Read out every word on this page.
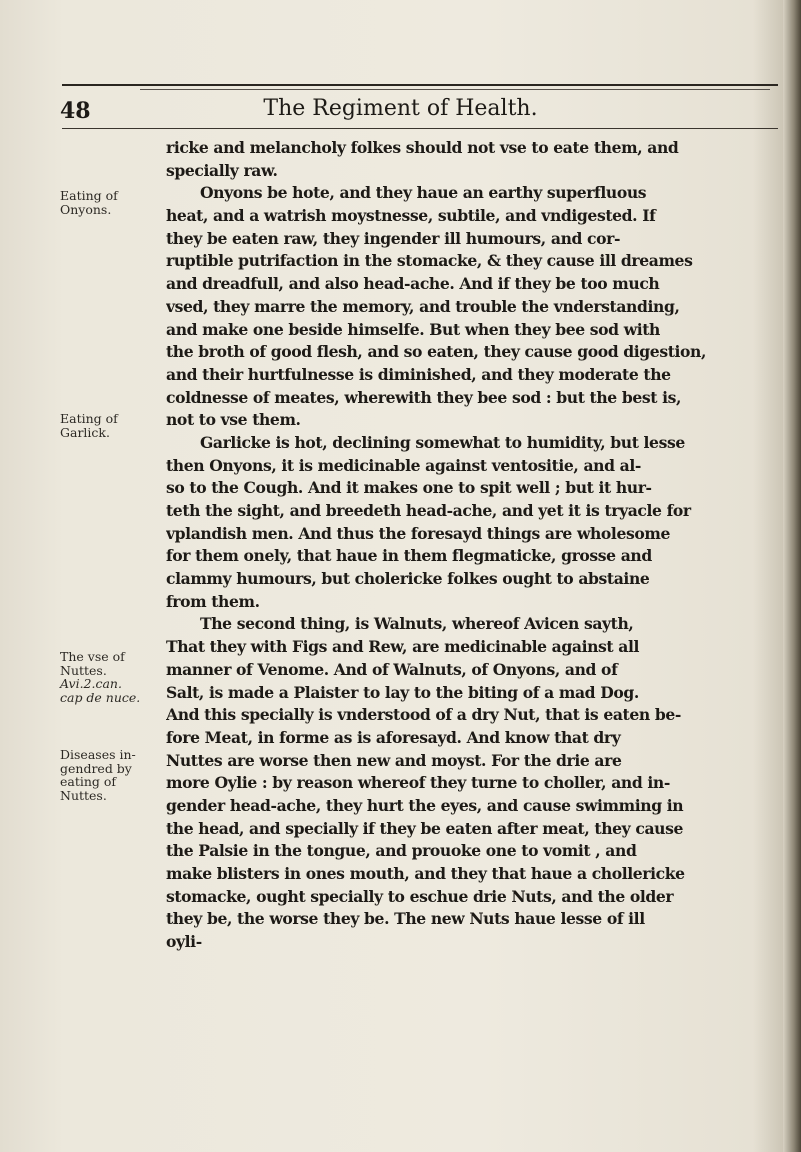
48	The Regiment of Health.
Eating of
Onyons.
Eating of
Garlick.
The vse of
Nuttes.
Avi.2.can.
cap de nuce.
Diseases in-
gendred by
eating of
Nuttes.
ricke and melancholy folkes should not vse to eate them, and
specially raw.
Onyons be hote, and they haue an earthy superfluous
heat, and a watrish moystnesse, subtile, and vndigested. If
they be eaten raw, they ingender ill humours, and cor-
ruptible putrifaction in the stomacke, & they cause ill dreames
and dreadfull, and also head-ache. And if they be too much
vsed, they marre the memory, and trouble the vnderstanding,
and make one beside himselfe. But when they bee sod with
the broth of good flesh, and so eaten, they cause good digestion,
and their hurtfulnesse is diminished, and they moderate the
coldnesse of meates, wherewith they bee sod : but the best is,
not to vse them.
Garlicke is hot, declining somewhat to humidity, but lesse
then Onyons, it is medicinable against ventositie, and al-
so to the Cough. And it makes one to spit well ; but it hur-
teth the sight, and breedeth head-ache, and yet it is tryacle for
vplandish men. And thus the foresayd things are wholesome
for them onely, that haue in them flegmaticke, grosse and
clammy humours, but cholericke folkes ought to abstaine
from them.
The second thing, is Walnuts, whereof Avicen sayth,
That they with Figs and Rew, are medicinable against all
manner of Venome. And of Walnuts, of Onyons, and of
Salt, is made a Plaister to lay to the biting of a mad Dog.
And this specially is vnderstood of a dry Nut, that is eaten be-
fore Meat, in forme as is aforesayd. And know that dry
Nuttes are worse then new and moyst. For the drie are
more Oylie : by reason whereof they turne to choller, and in-
gender head-ache, they hurt the eyes, and cause swimming in
the head, and specially if they be eaten after meat, they cause
the Palsie in the tongue, and prouoke one to vomit , and
make blisters in ones mouth, and they that haue a chollericke
stomacke, ought specially to eschue drie Nuts, and the older
they be, the worse they be. The new Nuts haue lesse of ill
oyli-
